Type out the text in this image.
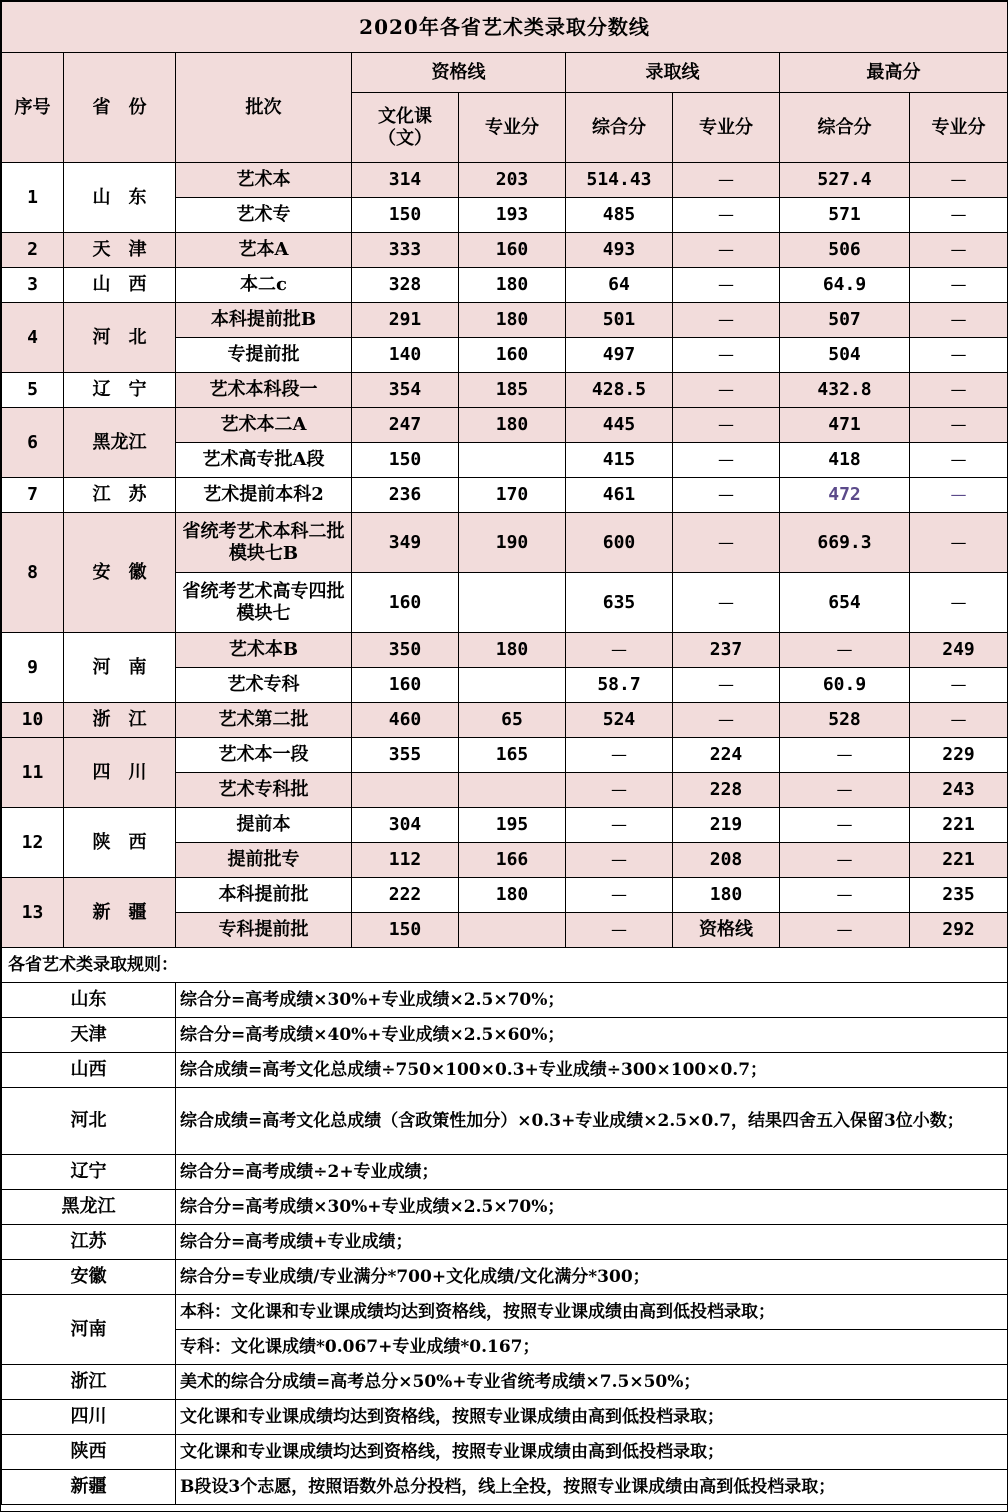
2020年各省艺术类录取分数线								
序号	省　份	批次	资格线		录取线		最高分	
			文化课（文）	专业分	综合分	专业分	综合分	专业分
1	山　东	艺术本	314	203	514.43	—	527.4	—
		艺术专	150	193	485	—	571	—
2	天　津	艺本A	333	160	493	—	506	—
3	山　西	本二c	328	180	64	—	64.9	—
4	河　北	本科提前批B	291	180	501	—	507	—
		专提前批	140	160	497	—	504	—
5	辽　宁	艺术本科段一	354	185	428.5	—	432.8	—
6	黑龙江	艺术本二A	247	180	445	—	471	—
		艺术高专批A段	150		415	—	418	—
7	江　苏	艺术提前本科2	236	170	461	—	472	—
8	安　徽	省统考艺术本科二批模块七B	349	190	600	—	669.3	—
		省统考艺术高专四批模块七	160		635	—	654	—
9	河　南	艺术本B	350	180	—	237	—	249
		艺术专科	160		58.7	—	60.9	—
10	浙　江	艺术第二批	460	65	524	—	528	—
11	四　川	艺术本一段	355	165	—	224	—	229
		艺术专科批			—	228	—	243
12	陕　西	提前本	304	195	—	219	—	221
		提前批专	112	166	—	208	—	221
13	新　疆	本科提前批	222	180	—	180	—	235
		专科提前批	150		—	资格线	—	292
各省艺术类录取规则：								
山东		综合分=高考成绩×30%+专业成绩×2.5×70%；						
天津		综合分=高考成绩×40%+专业成绩×2.5×60%；						
山西		综合成绩=高考文化总成绩÷750×100×0.3+专业成绩÷300×100×0.7；						
河北		综合成绩=高考文化总成绩（含政策性加分）×0.3+专业成绩×2.5×0.7，结果四舍五入保留3位小数；						
辽宁		综合分=高考成绩÷2+专业成绩；						
黑龙江		综合分=高考成绩×30%+专业成绩×2.5×70%；						
江苏		综合分=高考成绩+专业成绩；						
安徽		综合分=专业成绩/专业满分*700+文化成绩/文化满分*300；						
河南		本科：文化课和专业课成绩均达到资格线，按照专业课成绩由高到低投档录取；						
		专科：文化课成绩*0.067+专业成绩*0.167；						
浙江		美术的综合分成绩=高考总分×50%+专业省统考成绩×7.5×50%；						
四川		文化课和专业课成绩均达到资格线，按照专业课成绩由高到低投档录取；						
陕西		文化课和专业课成绩均达到资格线，按照专业课成绩由高到低投档录取；						
新疆		B段设3个志愿，按照语数外总分投档，线上全投，按照专业课成绩由高到低投档录取；						
